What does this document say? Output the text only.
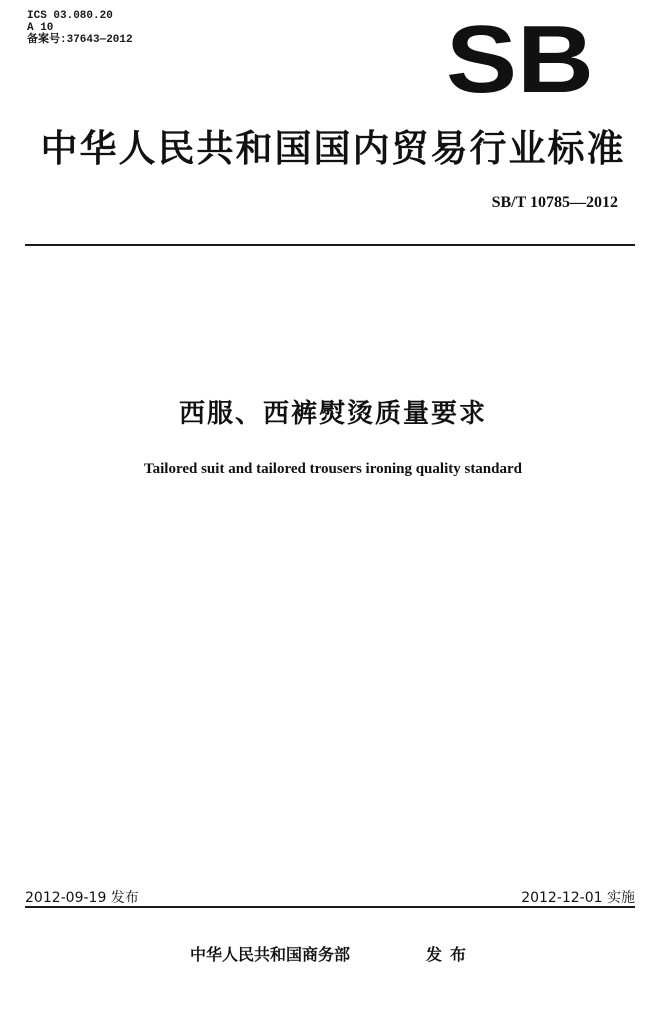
ICS 03.080.20
A 10
备案号:37643—2012	SB
中华人民共和国国内贸易行业标准
SB/T 10785—2012
西服、西裤熨烫质量要求
Tailored suit and tailored trousers ironing quality standard
2012-09-19 发布	2012-12-01 实施
中华人民共和国商务部	发布
